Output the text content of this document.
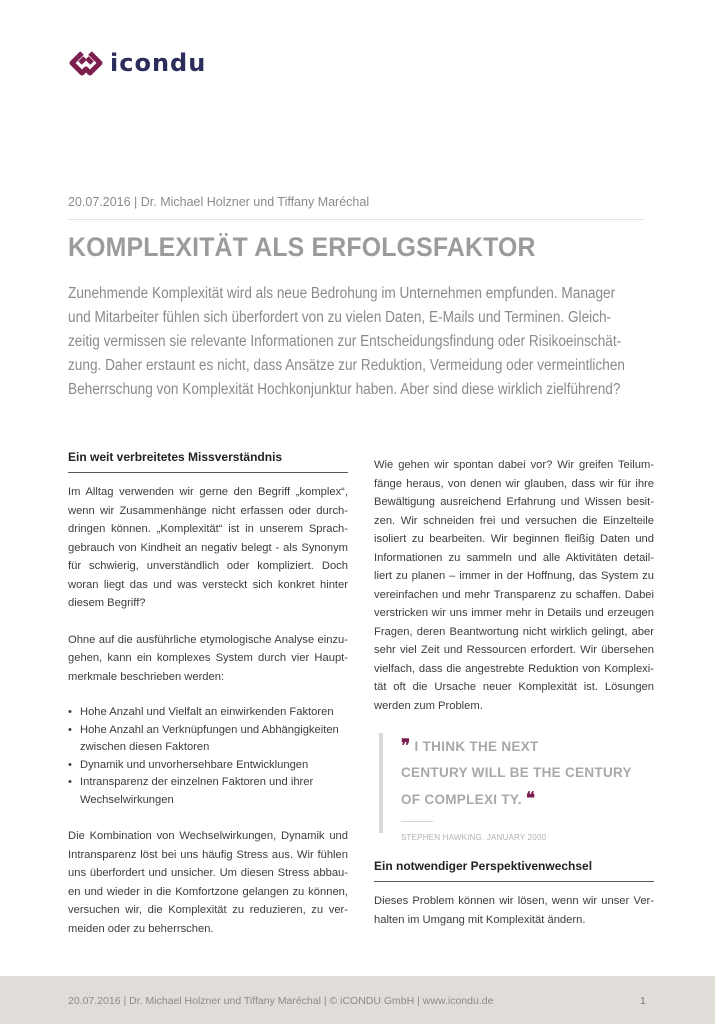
icondu
20.07.2016 | Dr. Michael Holzner und Tiffany Maréchal
KOMPLEXITÄT ALS ERFOLGSFAKTOR
Zunehmende Komplexität wird als neue Bedrohung im Unternehmen empfunden. Manager
und Mitarbeiter fühlen sich überfordert von zu vielen Daten, E-Mails und Terminen. Gleich-
zeitig vermissen sie relevante Informationen zur Entscheidungsfindung oder Risikoeinschät-
zung. Daher erstaunt es nicht, dass Ansätze zur Reduktion, Vermeidung oder vermeintlichen
Beherrschung von Komplexität Hochkonjunktur haben. Aber sind diese wirklich zielführend?
Ein weit verbreitetes Missverständnis
Im Alltag verwenden wir gerne den Begriff „komplex“,
wenn wir Zusammenhänge nicht erfassen oder durch-
dringen können. „Komplexität“ ist in unserem Sprach-
gebrauch von Kindheit an negativ belegt - als Synonym
für schwierig, unverständlich oder kompliziert. Doch
woran liegt das und was versteckt sich konkret hinter
diesem Begriff?
Ohne auf die ausführliche etymologische Analyse einzu-
gehen, kann ein komplexes System durch vier Haupt-
merkmale beschrieben werden:
• Hohe Anzahl und Vielfalt an einwirkenden Faktoren
• Hohe Anzahl an Verknüpfungen und Abhängigkeiten
zwischen diesen Faktoren
• Dynamik und unvorhersehbare Entwicklungen
• Intransparenz der einzelnen Faktoren und ihrer
Wechselwirkungen
Die Kombination von Wechselwirkungen, Dynamik und
Intransparenz löst bei uns häufig Stress aus. Wir fühlen
uns überfordert und unsicher. Um diesen Stress abbau-
en und wieder in die Komfortzone gelangen zu können,
versuchen wir, die Komplexität zu reduzieren, zu ver-
meiden oder zu beherrschen.
Wie gehen wir spontan dabei vor? Wir greifen Teilum-
fänge heraus, von denen wir glauben, dass wir für ihre
Bewältigung ausreichend Erfahrung und Wissen besit-
zen. Wir schneiden frei und versuchen die Einzelteile
isoliert zu bearbeiten. Wir beginnen fleißig Daten und
Informationen zu sammeln und alle Aktivitäten detail-
liert zu planen – immer in der Hoffnung, das System zu
vereinfachen und mehr Transparenz zu schaffen. Dabei
verstricken wir uns immer mehr in Details und erzeugen
Fragen, deren Beantwortung nicht wirklich gelingt, aber
sehr viel Zeit und Ressourcen erfordert. Wir übersehen
vielfach, dass die angestrebte Reduktion von Komplexi-
tät oft die Ursache neuer Komplexität ist. Lösungen
werden zum Problem.
❞ I THINK THE NEXT
CENTURY WILL BE THE CENTURY
OF COMPLEXI TY. ❝
STEPHEN HAWKING, JANUARY 2000
Ein notwendiger Perspektivenwechsel
Dieses Problem können wir lösen, wenn wir unser Ver-
halten im Umgang mit Komplexität ändern.
20.07.2016 | Dr. Michael Holzner und Tiffany Maréchal | © iCONDU GmbH | www.icondu.de	1
